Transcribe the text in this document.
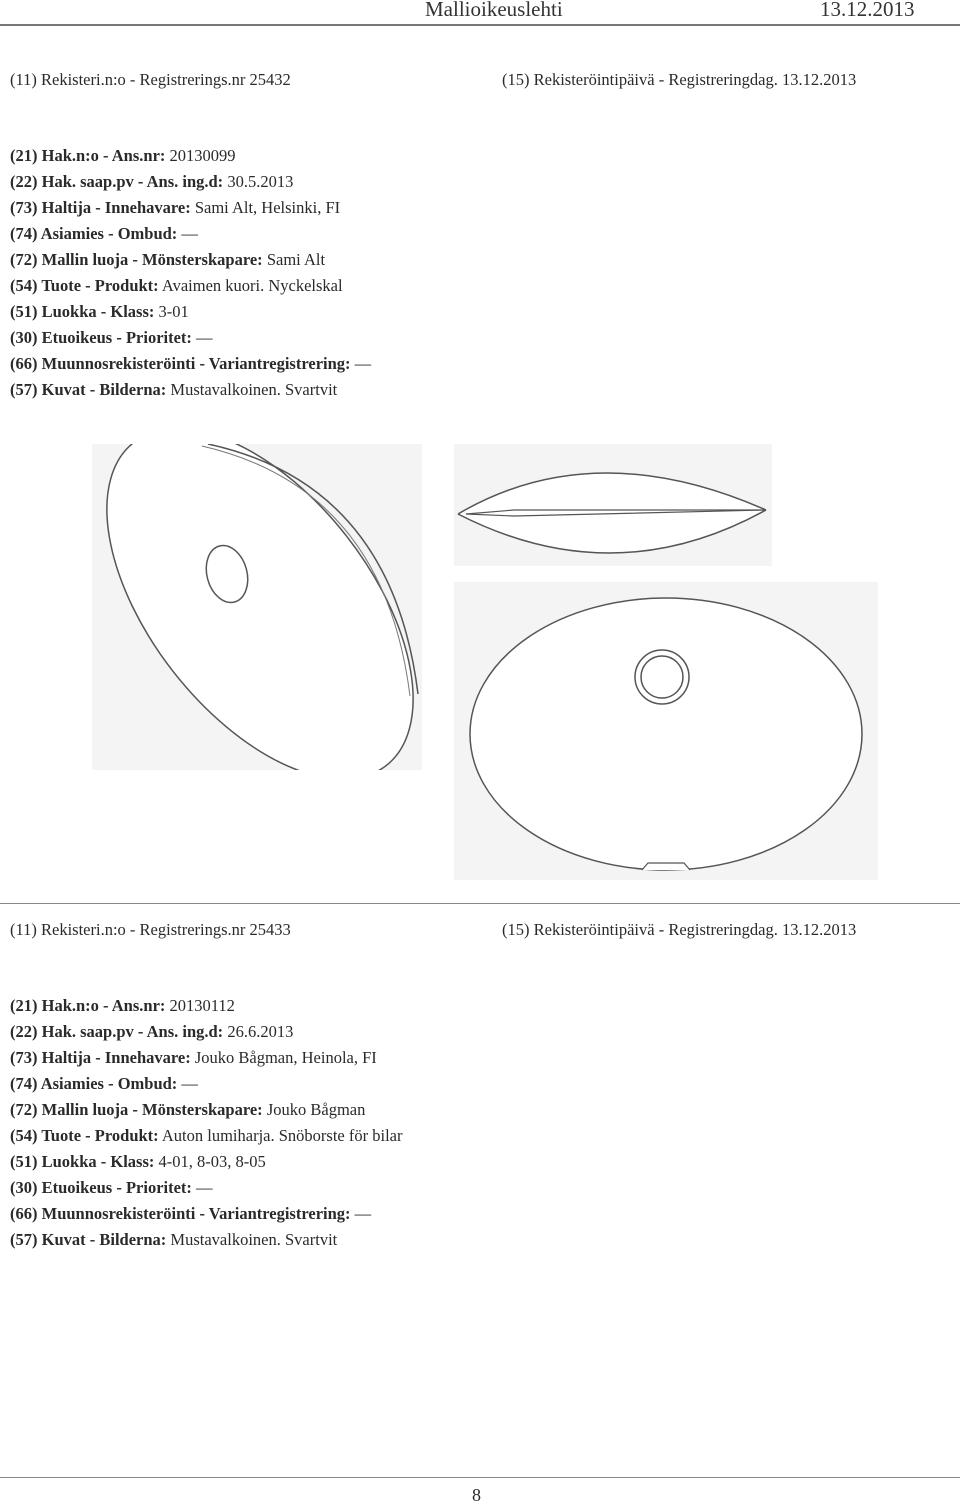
Mallioikeuslehti	13.12.2013
(11) Rekisteri.n:o - Registrerings.nr 25432	(15) Rekisteröintipäivä - Registreringdag. 13.12.2013
(21) Hak.n:o - Ans.nr: 20130099
(22) Hak. saap.pv - Ans. ing.d: 30.5.2013
(73) Haltija - Innehavare: Sami Alt, Helsinki, FI
(74) Asiamies - Ombud: —
(72) Mallin luoja - Mönsterskapare: Sami Alt
(54) Tuote - Produkt: Avaimen kuori. Nyckelskal
(51) Luokka - Klass: 3-01
(30) Etuoikeus - Prioritet: —
(66) Muunnosrekisteröinti - Variantregistrering: —
(57) Kuvat - Bilderna: Mustavalkoinen. Svartvit
(11) Rekisteri.n:o - Registrerings.nr 25433	(15) Rekisteröintipäivä - Registreringdag. 13.12.2013
(21) Hak.n:o - Ans.nr: 20130112
(22) Hak. saap.pv - Ans. ing.d: 26.6.2013
(73) Haltija - Innehavare: Jouko Bågman, Heinola, FI
(74) Asiamies - Ombud: —
(72) Mallin luoja - Mönsterskapare: Jouko Bågman
(54) Tuote - Produkt: Auton lumiharja. Snöborste för bilar
(51) Luokka - Klass: 4-01, 8-03, 8-05
(30) Etuoikeus - Prioritet: —
(66) Muunnosrekisteröinti - Variantregistrering: —
(57) Kuvat - Bilderna: Mustavalkoinen. Svartvit
8
